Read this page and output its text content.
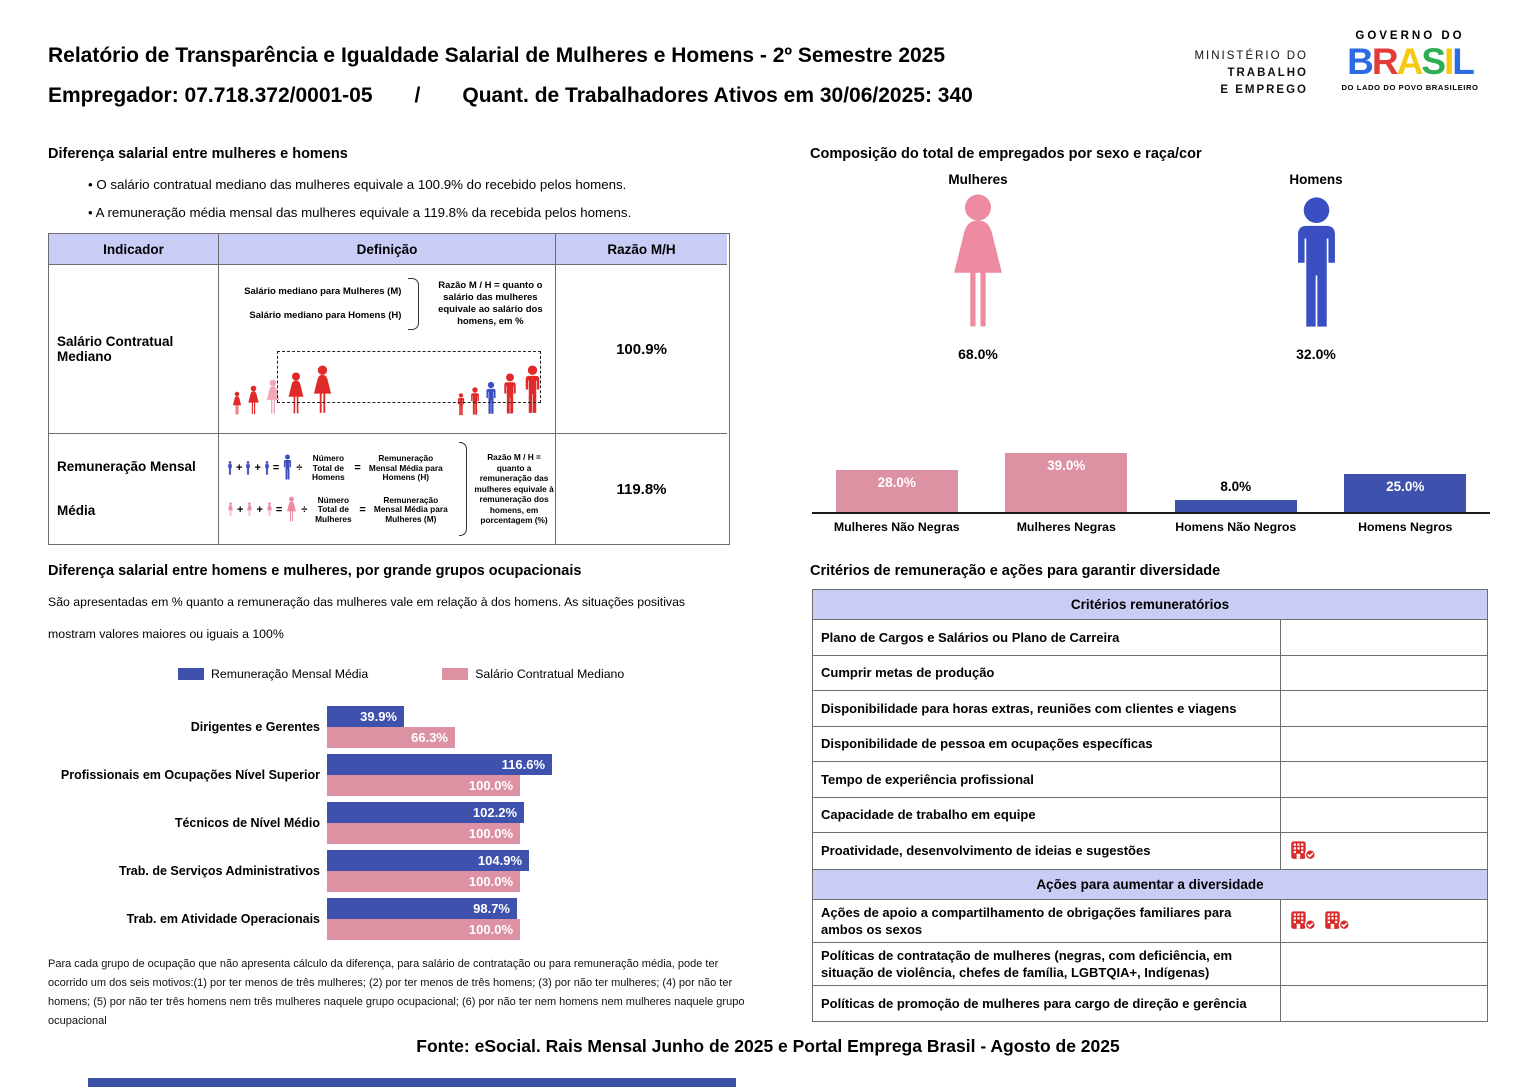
Relatório de Transparência e Igualdade Salarial de Mulheres e Homens - 2º Semestre 2025
Empregador: 07.718.372/0001-05 / Quant. de Trabalhadores Ativos em 30/06/2025: 340
MINISTÉRIO DO
TRABALHO
E EMPREGO
GOVERNO DO
BRASIL
DO LADO DO POVO BRASILEIRO
Diferença salarial entre mulheres e homens
• O salário contratual mediano das mulheres equivale a 100.9% do recebido pelos homens.
• A remuneração média mensal das mulheres equivale a 119.8% da recebida pelos homens.
Indicador	Definição	Razão M/H
Salário Contratual Mediano
Salário mediano para Mulheres (M)
Salário mediano para Homens (H)
Razão M / H = quanto o salário das mulheres equivale ao salário dos homens, em %
100.9%
Remuneração Mensal Média
+ + = ÷
Número Total de Homens
=
Remuneração Mensal Média para Homens (H)
+ + = ÷
Número Total de Mulheres
=
Remuneração Mensal Média para Mulheres (M)
Razão M / H = quanto a remuneração das mulheres equivale à remuneração dos homens, em porcentagem (%)
119.8%
Composição do total de empregados por sexo e raça/cor
Mulheres
68.0%
Homens
32.0%
28.0%
39.0%
8.0%	25.0%
Mulheres Não Negras	Mulheres Negras	Homens Não Negros	Homens Negros
Diferença salarial entre homens e mulheres, por grande grupos ocupacionais
São apresentadas em % quanto a remuneração das mulheres vale em relação à dos homens. As situações positivas
mostram valores maiores ou iguais a 100%
Remuneração Mensal Média	Salário Contratual Mediano
Dirigentes e Gerentes
39.9%
66.3%
Profissionais em Ocupações Nível Superior
116.6%
100.0%
Técnicos de Nível Médio
102.2%
100.0%
Trab. de Serviços Administrativos
104.9%
100.0%
Trab. em Atividade Operacionais
98.7%
100.0%
Para cada grupo de ocupação que não apresenta cálculo da diferença, para salário de contratação ou para remuneração média, pode ter ocorrido um dos seis motivos:(1) por ter menos de três mulheres; (2) por ter menos de três homens; (3) por não ter mulheres; (4) por não ter homens; (5) por não ter três homens nem três mulheres naquele grupo ocupacional; (6) por não ter nem homens nem mulheres naquele grupo ocupacional
Critérios de remuneração e ações para garantir diversidade
Critérios remuneratórios
Plano de Cargos e Salários ou Plano de Carreira
Cumprir metas de produção
Disponibilidade para horas extras, reuniões com clientes e viagens
Disponibilidade de pessoa em ocupações específicas
Tempo de experiência profissional
Capacidade de trabalho em equipe
Proatividade, desenvolvimento de ideias e sugestões
Ações para aumentar a diversidade
Ações de apoio a compartilhamento de obrigações familiares para ambos os sexos
Políticas de contratação de mulheres (negras, com deficiência, em situação de violência, chefes de família, LGBTQIA+, Indígenas)
Políticas de promoção de mulheres para cargo de direção e gerência
Fonte: eSocial. Rais Mensal Junho de 2025 e Portal Emprega Brasil - Agosto de 2025
